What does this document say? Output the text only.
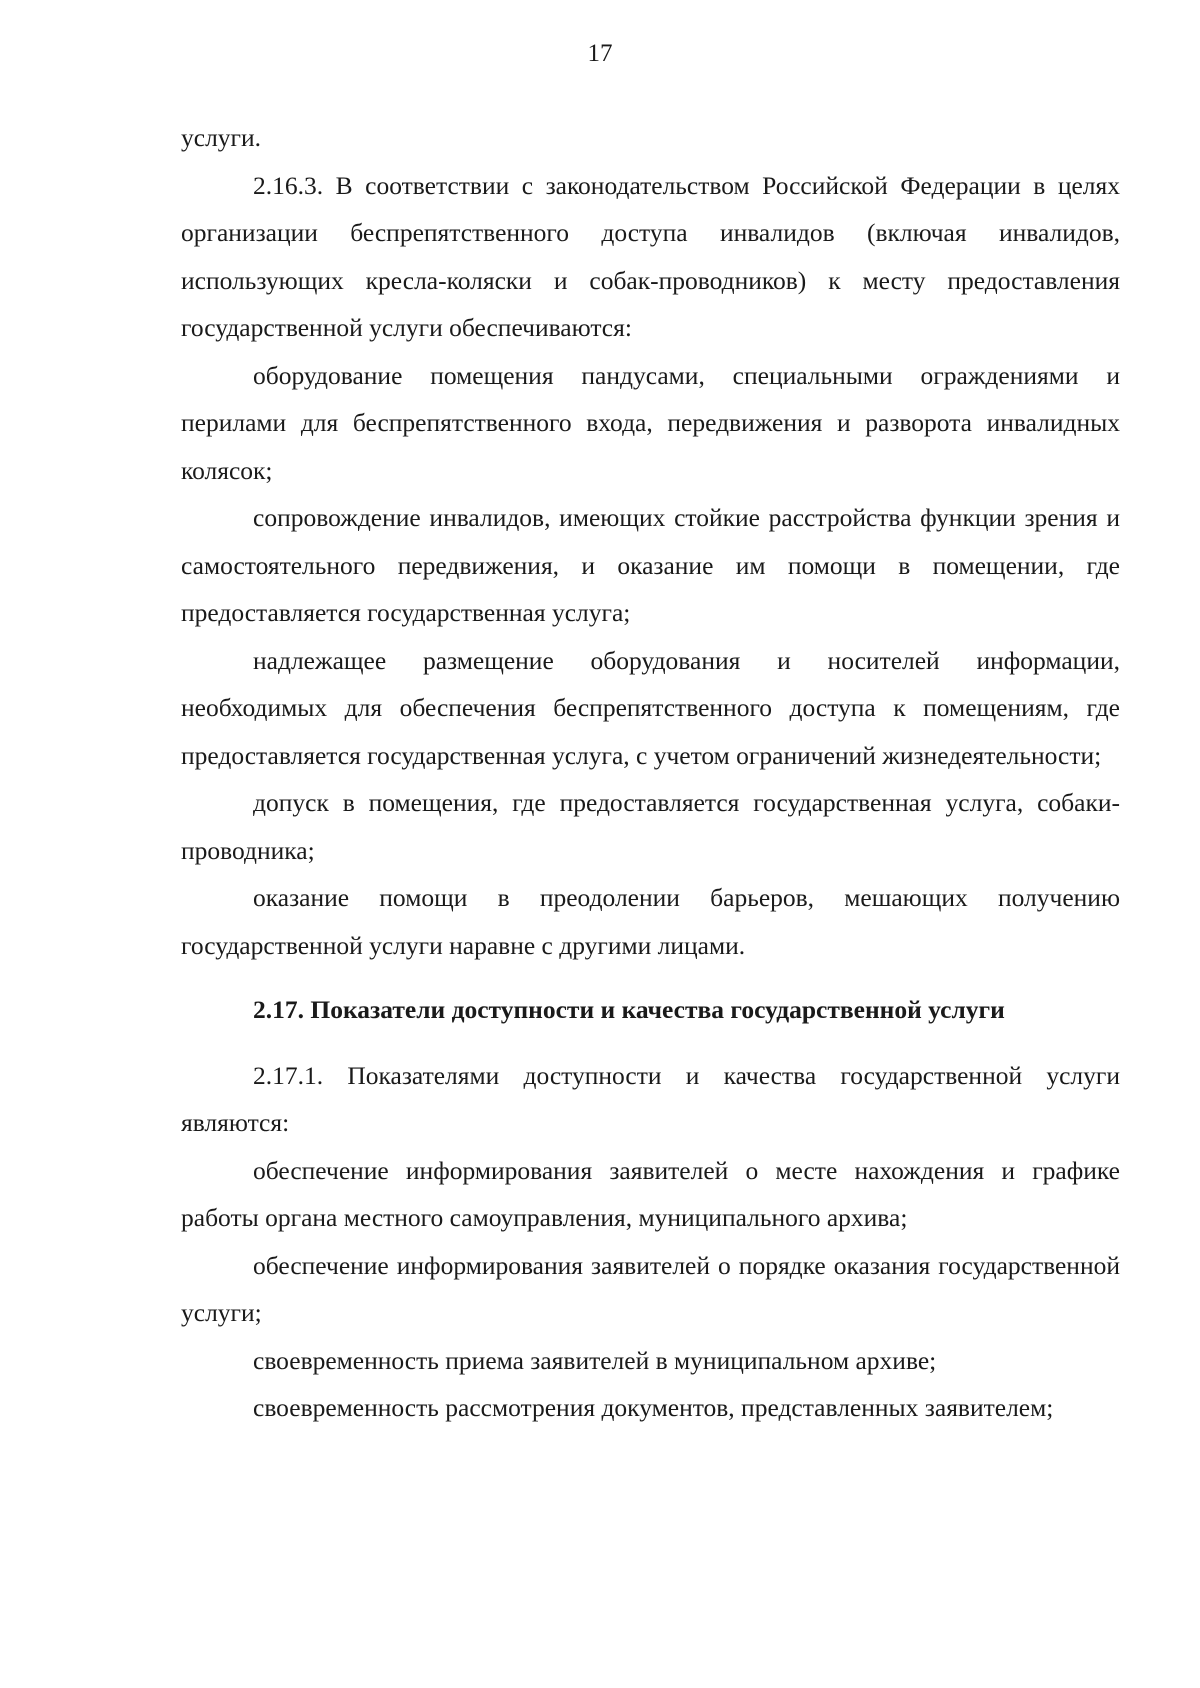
17

услуги.

2.16.3. В соответствии с законодательством Российской Федерации в целях организации беспрепятственного доступа инвалидов (включая инвалидов, использующих кресла-коляски и собак-проводников) к месту предоставления государственной услуги обеспечиваются:

оборудование помещения пандусами, специальными ограждениями и перилами для беспрепятственного входа, передвижения и разворота инвалидных колясок;

сопровождение инвалидов, имеющих стойкие расстройства функции зрения и самостоятельного передвижения, и оказание им помощи в помещении, где предоставляется государственная услуга;

надлежащее размещение оборудования и носителей информации, необходимых для обеспечения беспрепятственного доступа к помещениям, где предоставляется государственная услуга, с учетом ограничений жизнедеятельности;

допуск в помещения, где предоставляется государственная услуга, собаки-проводника;

оказание помощи в преодолении барьеров, мешающих получению государственной услуги наравне с другими лицами.

2.17. Показатели доступности и качества государственной услуги

2.17.1. Показателями доступности и качества государственной услуги являются:

обеспечение информирования заявителей о месте нахождения и графике работы органа местного самоуправления, муниципального архива;

обеспечение информирования заявителей о порядке оказания государственной услуги;

своевременность приема заявителей в муниципальном архиве;

своевременность рассмотрения документов, представленных заявителем;
